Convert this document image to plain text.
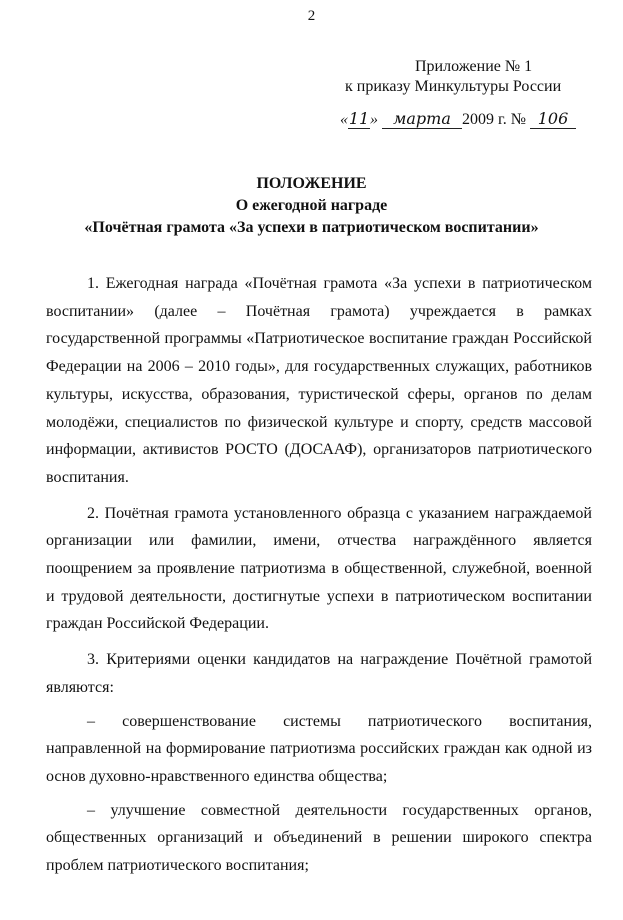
2
Приложение № 1
к приказу Минкультуры России
«11» марта 2009 г. № 106
ПОЛОЖЕНИЕ
О ежегодной награде
«Почётная грамота «За успехи в патриотическом воспитании»

1. Ежегодная награда «Почётная грамота «За успехи в патриотическом воспитании» (далее – Почётная грамота) учреждается в рамках государственной программы «Патриотическое воспитание граждан Российской Федерации на 2006 – 2010 годы», для государственных служащих, работников культуры, искусства, образования, туристической сферы, органов по делам молодёжи, специалистов по физической культуре и спорту, средств массовой информации, активистов РОСТО (ДОСААФ), организаторов патриотического воспитания.

2. Почётная грамота установленного образца с указанием награждаемой организации или фамилии, имени, отчества награждённого является поощрением за проявление патриотизма в общественной, служебной, военной и трудовой деятельности, достигнутые успехи в патриотическом воспитании граждан Российской Федерации.

3. Критериями оценки кандидатов на награждение Почётной грамотой являются:

– совершенствование системы патриотического воспитания, направленной на формирование патриотизма российских граждан как одной из основ духовно-нравственного единства общества;

– улучшение совместной деятельности государственных органов, общественных организаций и объединений в решении широкого спектра проблем патриотического воспитания;
